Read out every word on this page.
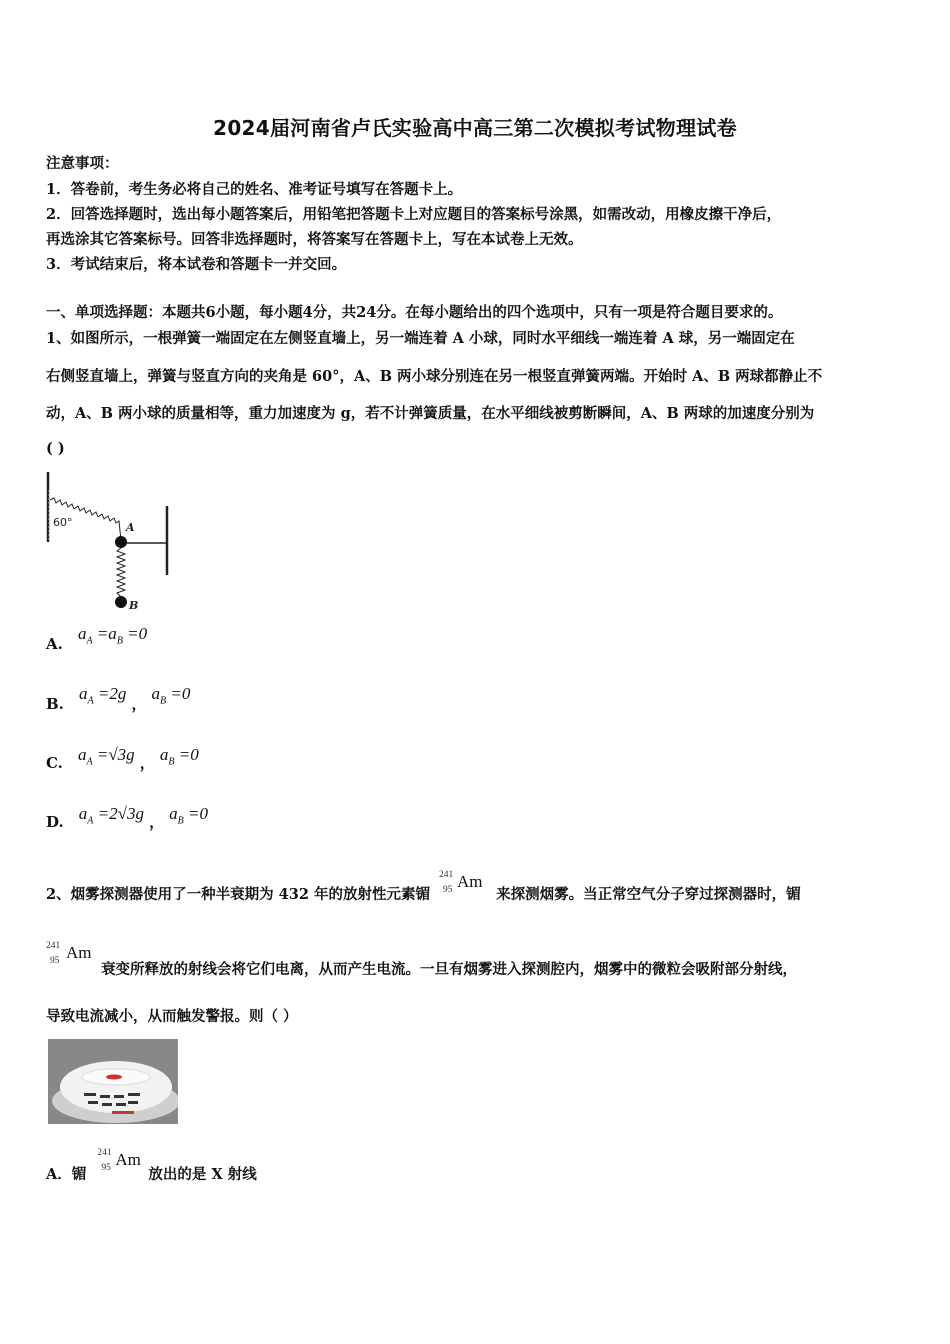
2024届河南省卢氏实验高中高三第二次模拟考试物理试卷
注意事项：
1．答卷前，考生务必将自己的姓名、准考证号填写在答题卡上。
2．回答选择题时，选出每小题答案后，用铅笔把答题卡上对应题目的答案标号涂黑，如需改动，用橡皮擦干净后，
再选涂其它答案标号。回答非选择题时，将答案写在答题卡上，写在本试卷上无效。
3．考试结束后，将本试卷和答题卡一并交回。
一、单项选择题：本题共6小题，每小题4分，共24分。在每小题给出的四个选项中，只有一项是符合题目要求的。
1、如图所示，一根弹簧一端固定在左侧竖直墙上，另一端连着 A 小球，同时水平细线一端连着 A 球，另一端固定在
右侧竖直墙上，弹簧与竖直方向的夹角是 60°，A、B 两小球分别连在另一根竖直弹簧两端。开始时 A、B 两球都静止不
动，A、B 两小球的质量相等，重力加速度为 g，若不计弹簧质量，在水平细线被剪断瞬间，A、B 两球的加速度分别为
( )
60°	A
B
A. $a_A =a_B =0$
B. $a_A =2g$ ， $a_B =0$
C. $a_A =√3g$ ， $a_B =0$
D. $a_A =2√3g$ ， $a_B =0$
2、烟雾探测器使用了一种半衰期为 432 年的放射性元素镅
241
95 Am
来探测烟雾。当正常空气分子穿过探测器时，镅
241
95 Am
衰变所释放的射线会将它们电离，从而产生电流。一旦有烟雾进入探测腔内，烟雾中的微粒会吸附部分射线，
导致电流减小，从而触发警报。则（ ）
A．镅
241
95 Am
放出的是 X 射线
